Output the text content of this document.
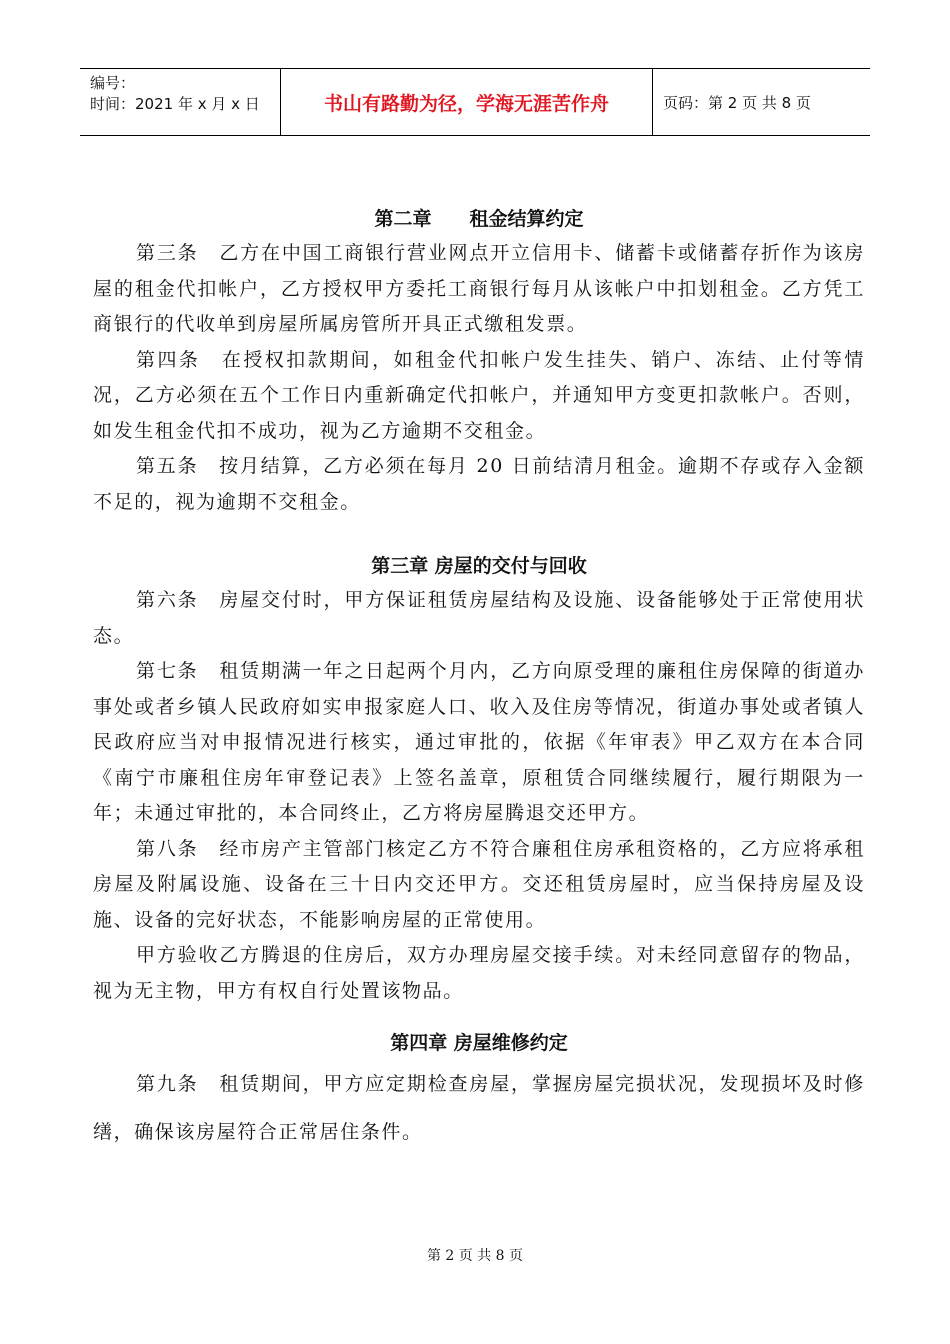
编号：
时间：2021 年 x 月 x 日	书山有路勤为径，学海无涯苦作舟	页码：第 2 页 共 8 页
第二章　　租金结算约定

第三条　乙方在中国工商银行营业网点开立信用卡、储蓄卡或储蓄存折作为该房屋的租金代扣帐户，乙方授权甲方委托工商银行每月从该帐户中扣划租金。乙方凭工商银行的代收单到房屋所属房管所开具正式缴租发票。

第四条　在授权扣款期间，如租金代扣帐户发生挂失、销户、冻结、止付等情况，乙方必须在五个工作日内重新确定代扣帐户，并通知甲方变更扣款帐户。否则，如发生租金代扣不成功，视为乙方逾期不交租金。

第五条　按月结算，乙方必须在每月 20 日前结清月租金。逾期不存或存入金额不足的，视为逾期不交租金。

第三章 房屋的交付与回收

第六条　房屋交付时，甲方保证租赁房屋结构及设施、设备能够处于正常使用状态。

第七条　租赁期满一年之日起两个月内，乙方向原受理的廉租住房保障的街道办事处或者乡镇人民政府如实申报家庭人口、收入及住房等情况，街道办事处或者镇人民政府应当对申报情况进行核实，通过审批的，依据《年审表》甲乙双方在本合同《南宁市廉租住房年审登记表》上签名盖章，原租赁合同继续履行，履行期限为一年；未通过审批的，本合同终止，乙方将房屋腾退交还甲方。

第八条　经市房产主管部门核定乙方不符合廉租住房承租资格的，乙方应将承租房屋及附属设施、设备在三十日内交还甲方。交还租赁房屋时，应当保持房屋及设施、设备的完好状态，不能影响房屋的正常使用。

甲方验收乙方腾退的住房后，双方办理房屋交接手续。对未经同意留存的物品，视为无主物，甲方有权自行处置该物品。

第四章 房屋维修约定

第九条　租赁期间，甲方应定期检查房屋，掌握房屋完损状况，发现损坏及时修缮，确保该房屋符合正常居住条件。

第 2 页 共 8 页
